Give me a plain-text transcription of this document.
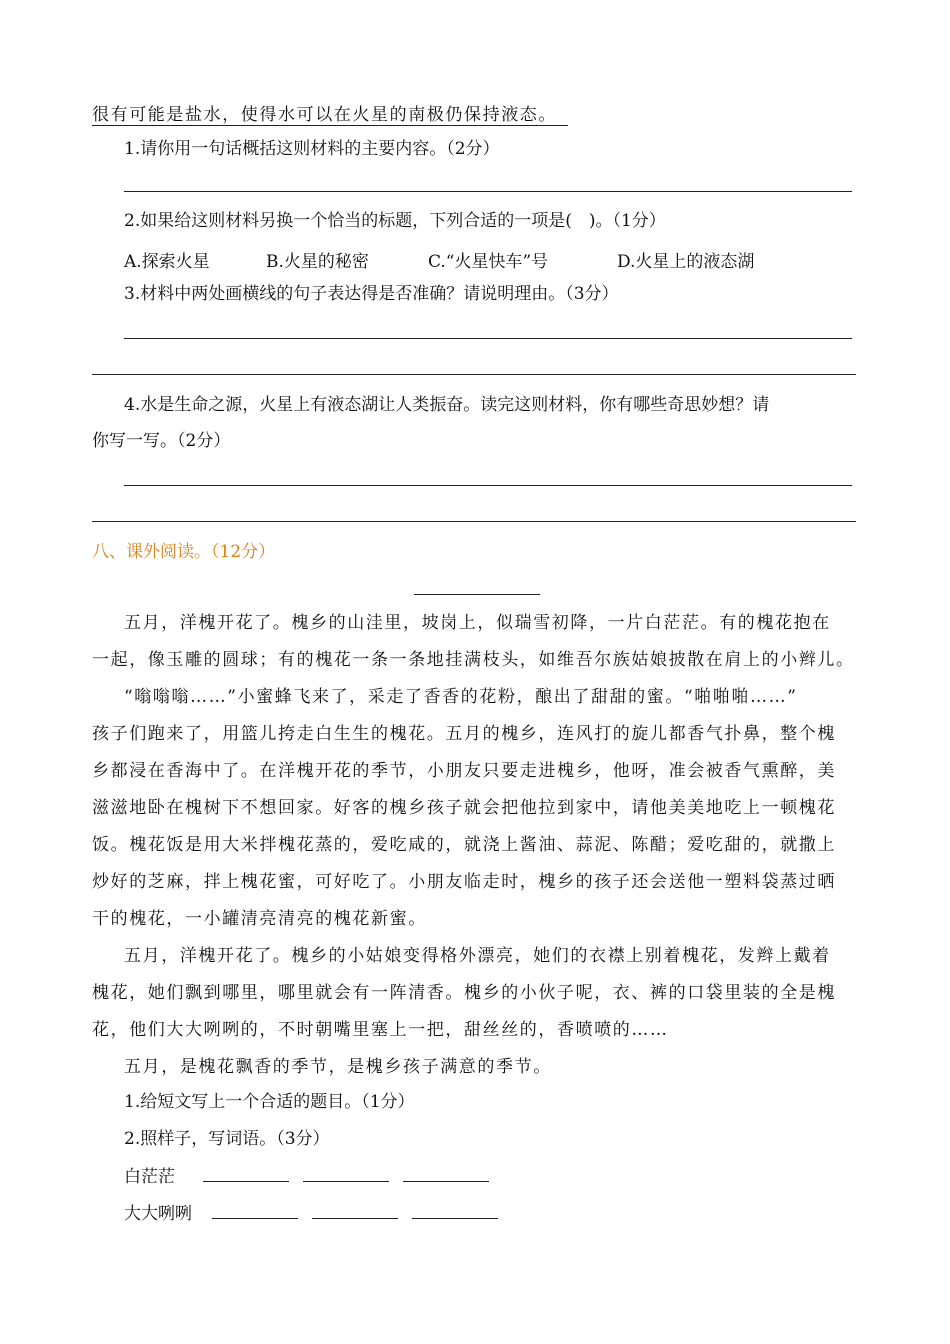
很有可能是盐水，使得水可以在火星的南极仍保持液态。
1.请你用一句话概括这则材料的主要内容。（2分）
2.如果给这则材料另换一个恰当的标题，下列合适的一项是(　)。（1分）
A.探索火星	B.火星的秘密	C.“火星快车”号	D.火星上的液态湖
3.材料中两处画横线的句子表达得是否准确？请说明理由。（3分）
4.水是生命之源，火星上有液态湖让人类振奋。读完这则材料，你有哪些奇思妙想？请
你写一写。（2分）
八、课外阅读。（12分）
五月，洋槐开花了。槐乡的山洼里，坡岗上，似瑞雪初降，一片白茫茫。有的槐花抱在
一起，像玉雕的圆球；有的槐花一条一条地挂满枝头，如维吾尔族姑娘披散在肩上的小辫儿。
“嗡嗡嗡……”小蜜蜂飞来了，采走了香香的花粉，酿出了甜甜的蜜。“啪啪啪……”
孩子们跑来了，用篮儿挎走白生生的槐花。五月的槐乡，连风打的旋儿都香气扑鼻，整个槐
乡都浸在香海中了。在洋槐开花的季节，小朋友只要走进槐乡，他呀，准会被香气熏醉，美
滋滋地卧在槐树下不想回家。好客的槐乡孩子就会把他拉到家中，请他美美地吃上一顿槐花
饭。槐花饭是用大米拌槐花蒸的，爱吃咸的，就浇上酱油、蒜泥、陈醋；爱吃甜的，就撒上
炒好的芝麻，拌上槐花蜜，可好吃了。小朋友临走时，槐乡的孩子还会送他一塑料袋蒸过晒
干的槐花，一小罐清亮清亮的槐花新蜜。
五月，洋槐开花了。槐乡的小姑娘变得格外漂亮，她们的衣襟上别着槐花，发辫上戴着
槐花，她们飘到哪里，哪里就会有一阵清香。槐乡的小伙子呢，衣、裤的口袋里装的全是槐
花，他们大大咧咧的，不时朝嘴里塞上一把，甜丝丝的，香喷喷的……
五月，是槐花飘香的季节，是槐乡孩子满意的季节。
1.给短文写上一个合适的题目。（1分）
2.照样子，写词语。（3分）
白茫茫
大大咧咧
